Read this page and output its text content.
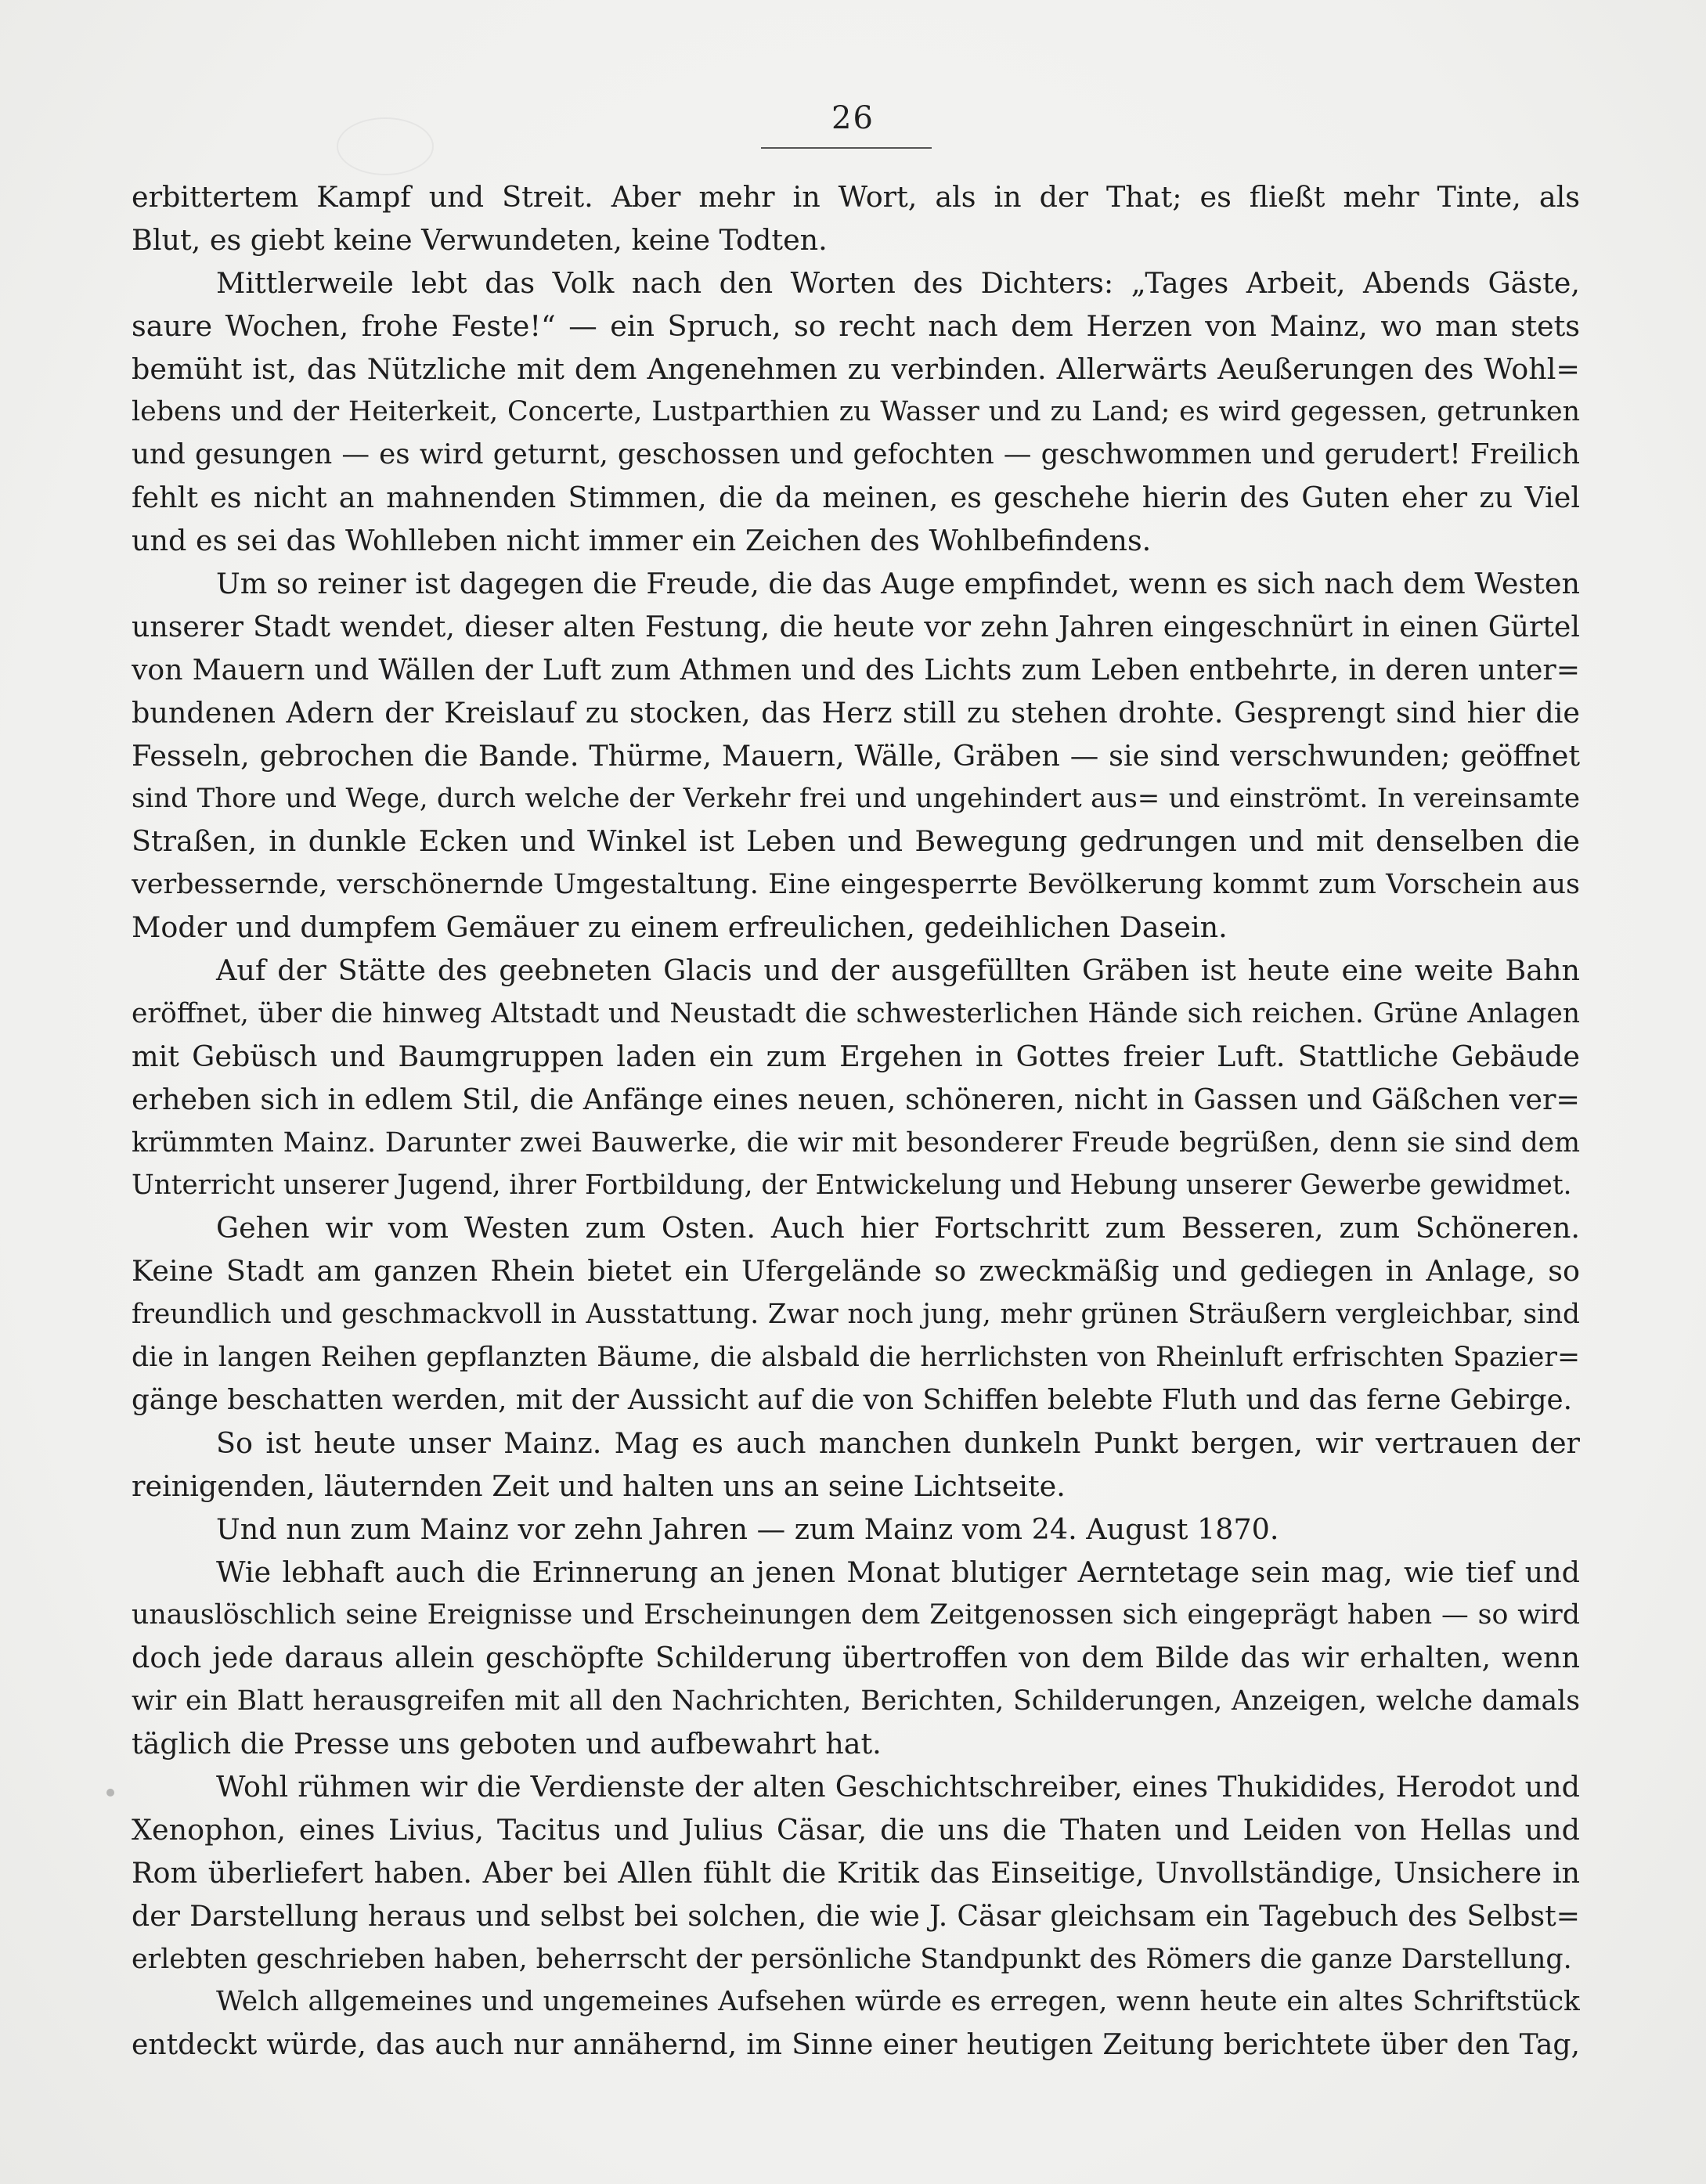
26

erbittertem Kampf und Streit. Aber mehr in Wort, als in der That; es fließt mehr Tinte, als
Blut, es giebt keine Verwundeten, keine Todten.

Mittlerweile lebt das Volk nach den Worten des Dichters: „Tages Arbeit, Abends Gäste,
saure Wochen, frohe Feste!“ — ein Spruch, so recht nach dem Herzen von Mainz, wo man stets
bemüht ist, das Nützliche mit dem Angenehmen zu verbinden. Allerwärts Aeußerungen des Wohl=
lebens und der Heiterkeit, Concerte, Lustparthien zu Wasser und zu Land; es wird gegessen, getrunken
und gesungen — es wird geturnt, geschossen und gefochten — geschwommen und gerudert! Freilich
fehlt es nicht an mahnenden Stimmen, die da meinen, es geschehe hierin des Guten eher zu Viel
und es sei das Wohlleben nicht immer ein Zeichen des Wohlbefindens.

Um so reiner ist dagegen die Freude, die das Auge empfindet, wenn es sich nach dem Westen
unserer Stadt wendet, dieser alten Festung, die heute vor zehn Jahren eingeschnürt in einen Gürtel
von Mauern und Wällen der Luft zum Athmen und des Lichts zum Leben entbehrte, in deren unter=
bundenen Adern der Kreislauf zu stocken, das Herz still zu stehen drohte. Gesprengt sind hier die
Fesseln, gebrochen die Bande. Thürme, Mauern, Wälle, Gräben — sie sind verschwunden; geöffnet
sind Thore und Wege, durch welche der Verkehr frei und ungehindert aus= und einströmt. In vereinsamte
Straßen, in dunkle Ecken und Winkel ist Leben und Bewegung gedrungen und mit denselben die
verbessernde, verschönernde Umgestaltung. Eine eingesperrte Bevölkerung kommt zum Vorschein aus
Moder und dumpfem Gemäuer zu einem erfreulichen, gedeihlichen Dasein.

Auf der Stätte des geebneten Glacis und der ausgefüllten Gräben ist heute eine weite Bahn
eröffnet, über die hinweg Altstadt und Neustadt die schwesterlichen Hände sich reichen. Grüne Anlagen
mit Gebüsch und Baumgruppen laden ein zum Ergehen in Gottes freier Luft. Stattliche Gebäude
erheben sich in edlem Stil, die Anfänge eines neuen, schöneren, nicht in Gassen und Gäßchen ver=
krümmten Mainz. Darunter zwei Bauwerke, die wir mit besonderer Freude begrüßen, denn sie sind dem
Unterricht unserer Jugend, ihrer Fortbildung, der Entwickelung und Hebung unserer Gewerbe gewidmet.

Gehen wir vom Westen zum Osten. Auch hier Fortschritt zum Besseren, zum Schöneren.
Keine Stadt am ganzen Rhein bietet ein Ufergelände so zweckmäßig und gediegen in Anlage, so
freundlich und geschmackvoll in Ausstattung. Zwar noch jung, mehr grünen Sträußern vergleichbar, sind
die in langen Reihen gepflanzten Bäume, die alsbald die herrlichsten von Rheinluft erfrischten Spazier=
gänge beschatten werden, mit der Aussicht auf die von Schiffen belebte Fluth und das ferne Gebirge.

So ist heute unser Mainz. Mag es auch manchen dunkeln Punkt bergen, wir vertrauen der
reinigenden, läuternden Zeit und halten uns an seine Lichtseite.

Und nun zum Mainz vor zehn Jahren — zum Mainz vom 24. August 1870.

Wie lebhaft auch die Erinnerung an jenen Monat blutiger Aerntetage sein mag, wie tief und
unauslöschlich seine Ereignisse und Erscheinungen dem Zeitgenossen sich eingeprägt haben — so wird
doch jede daraus allein geschöpfte Schilderung übertroffen von dem Bilde das wir erhalten, wenn
wir ein Blatt herausgreifen mit all den Nachrichten, Berichten, Schilderungen, Anzeigen, welche damals
täglich die Presse uns geboten und aufbewahrt hat.

Wohl rühmen wir die Verdienste der alten Geschichtschreiber, eines Thukidides, Herodot und
Xenophon, eines Livius, Tacitus und Julius Cäsar, die uns die Thaten und Leiden von Hellas und
Rom überliefert haben. Aber bei Allen fühlt die Kritik das Einseitige, Unvollständige, Unsichere in
der Darstellung heraus und selbst bei solchen, die wie J. Cäsar gleichsam ein Tagebuch des Selbst=
erlebten geschrieben haben, beherrscht der persönliche Standpunkt des Römers die ganze Darstellung.

Welch allgemeines und ungemeines Aufsehen würde es erregen, wenn heute ein altes Schriftstück
entdeckt würde, das auch nur annähernd, im Sinne einer heutigen Zeitung berichtete über den Tag,
